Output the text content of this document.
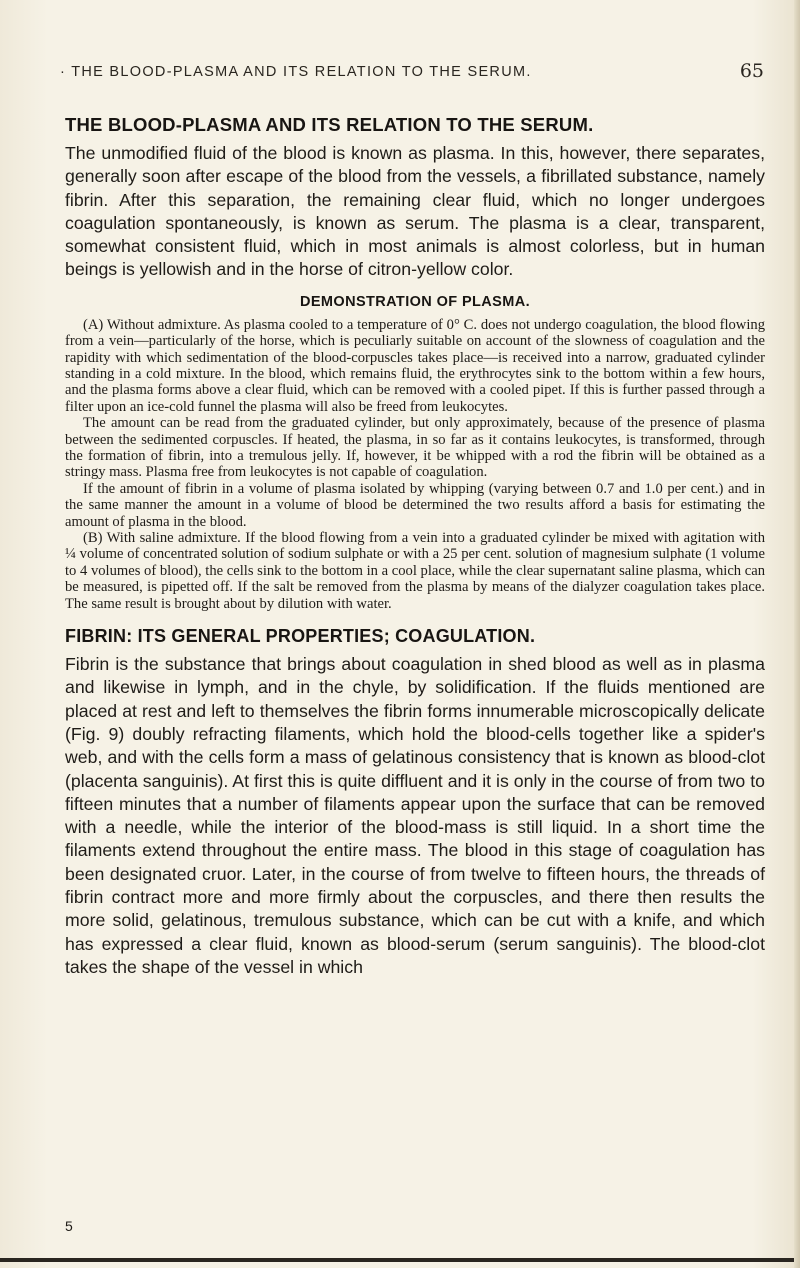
· THE BLOOD-PLASMA AND ITS RELATION TO THE SERUM.	65
THE BLOOD-PLASMA AND ITS RELATION TO THE SERUM.

The unmodified fluid of the blood is known as plasma. In this, however, there separates, generally soon after escape of the blood from the vessels, a fibrillated substance, namely fibrin. After this separation, the remaining clear fluid, which no longer undergoes coagulation spontaneously, is known as serum. The plasma is a clear, transparent, somewhat consistent fluid, which in most animals is almost colorless, but in human beings is yellowish and in the horse of citron-yellow color.

DEMONSTRATION OF PLASMA.

(A) Without admixture. As plasma cooled to a temperature of 0° C. does not undergo coagulation, the blood flowing from a vein—particularly of the horse, which is peculiarly suitable on account of the slowness of coagulation and the rapidity with which sedimentation of the blood-corpuscles takes place—is received into a narrow, graduated cylinder standing in a cold mixture. In the blood, which remains fluid, the erythrocytes sink to the bottom within a few hours, and the plasma forms above a clear fluid, which can be removed with a cooled pipet. If this is further passed through a filter upon an ice-cold funnel the plasma will also be freed from leukocytes.

The amount can be read from the graduated cylinder, but only approximately, because of the presence of plasma between the sedimented corpuscles. If heated, the plasma, in so far as it contains leukocytes, is transformed, through the formation of fibrin, into a tremulous jelly. If, however, it be whipped with a rod the fibrin will be obtained as a stringy mass. Plasma free from leukocytes is not capable of coagulation.

If the amount of fibrin in a volume of plasma isolated by whipping (varying between 0.7 and 1.0 per cent.) and in the same manner the amount in a volume of blood be determined the two results afford a basis for estimating the amount of plasma in the blood.

(B) With saline admixture. If the blood flowing from a vein into a graduated cylinder be mixed with agitation with ¼ volume of concentrated solution of sodium sulphate or with a 25 per cent. solution of magnesium sulphate (1 volume to 4 volumes of blood), the cells sink to the bottom in a cool place, while the clear supernatant saline plasma, which can be measured, is pipetted off. If the salt be removed from the plasma by means of the dialyzer coagulation takes place. The same result is brought about by dilution with water.

FIBRIN: ITS GENERAL PROPERTIES; COAGULATION.

Fibrin is the substance that brings about coagulation in shed blood as well as in plasma and likewise in lymph, and in the chyle, by solidification. If the fluids mentioned are placed at rest and left to themselves the fibrin forms innumerable microscopically delicate (Fig. 9) doubly refracting filaments, which hold the blood-cells together like a spider's web, and with the cells form a mass of gelatinous consistency that is known as blood-clot (placenta sanguinis). At first this is quite diffluent and it is only in the course of from two to fifteen minutes that a number of filaments appear upon the surface that can be removed with a needle, while the interior of the blood-mass is still liquid. In a short time the filaments extend throughout the entire mass. The blood in this stage of coagulation has been designated cruor. Later, in the course of from twelve to fifteen hours, the threads of fibrin contract more and more firmly about the corpuscles, and there then results the more solid, gelatinous, tremulous substance, which can be cut with a knife, and which has expressed a clear fluid, known as blood-serum (serum sanguinis). The blood-clot takes the shape of the vessel in which

5
